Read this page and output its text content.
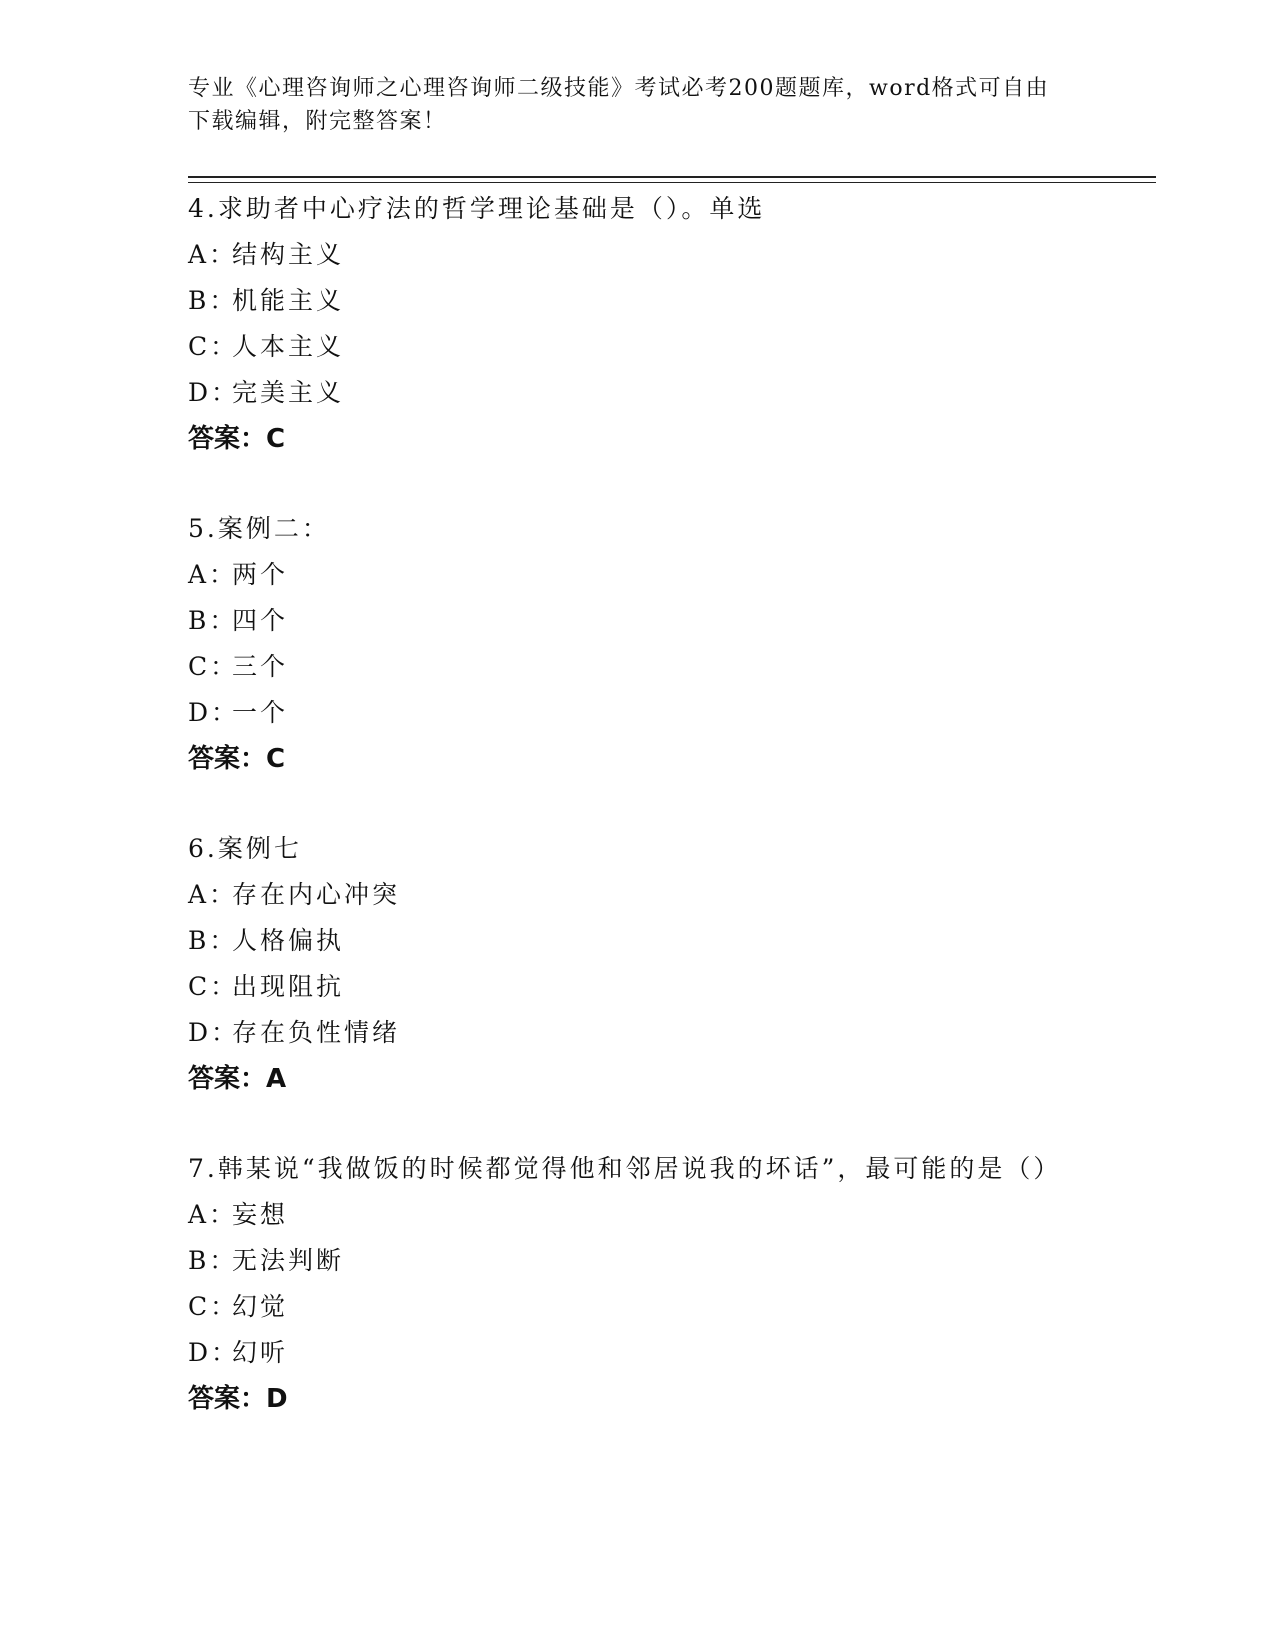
专业《心理咨询师之心理咨询师二级技能》考试必考200题题库，word格式可自由下载编辑，附完整答案！
4.求助者中心疗法的哲学理论基础是（）。单选
A：结构主义
B：机能主义
C：人本主义
D：完美主义
答案：C
5.案例二：
A：两个
B：四个
C：三个
D：一个
答案：C
6.案例七
A：存在内心冲突
B：人格偏执
C：出现阻抗
D：存在负性情绪
答案：A
7.韩某说“我做饭的时候都觉得他和邻居说我的坏话”，最可能的是（）
A：妄想
B：无法判断
C：幻觉
D：幻听
答案：D
